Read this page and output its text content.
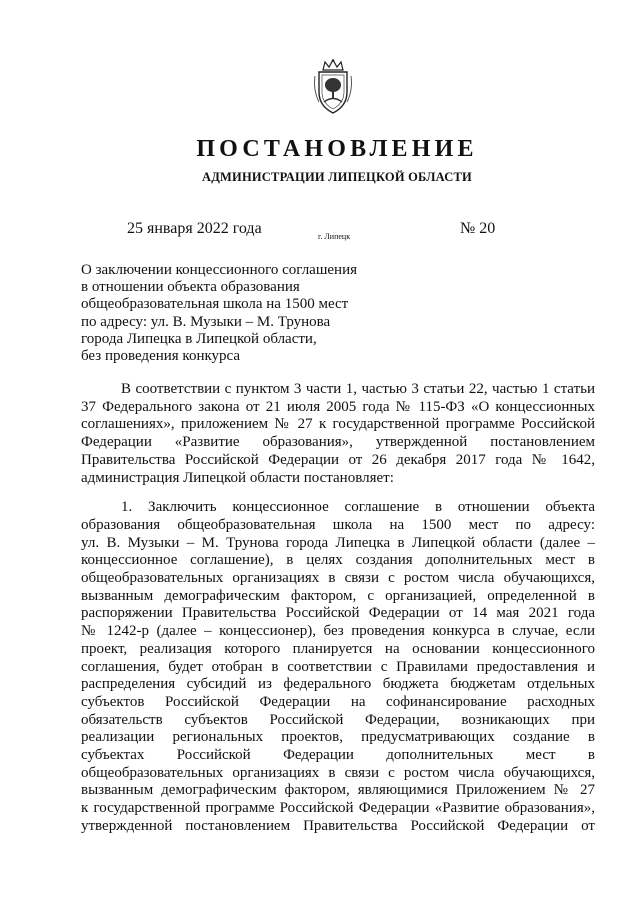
ПОСТАНОВЛЕНИЕ
АДМИНИСТРАЦИИ ЛИПЕЦКОЙ ОБЛАСТИ
25 января 2022 года	г. Липецк	№ 20
О заключении концессионного соглашения
в отношении объекта образования
общеобразовательная школа на 1500 мест
по адресу: ул. В. Музыки – М. Трунова
города Липецка в Липецкой области,
без проведения конкурса
В соответствии с пунктом 3 части 1, частью 3 статьи 22, частью 1 статьи
37 Федерального закона от 21 июля 2005 года № 115-ФЗ «О концессионных
соглашениях», приложением № 27 к государственной программе Российской
Федерации «Развитие образования», утвержденной постановлением
Правительства Российской Федерации от 26 декабря 2017 года № 1642,
администрация Липецкой области постановляет:
1. Заключить концессионное соглашение в отношении объекта
образования общеобразовательная школа на 1500 мест по адресу:
ул. В. Музыки – М. Трунова города Липецка в Липецкой области (далее –
концессионное соглашение), в целях создания дополнительных мест в
общеобразовательных организациях в связи с ростом числа обучающихся,
вызванным демографическим фактором, с организацией, определенной в
распоряжении Правительства Российской Федерации от 14 мая 2021 года
№ 1242-р (далее – концессионер), без проведения конкурса в случае, если
проект, реализация которого планируется на основании концессионного
соглашения, будет отобран в соответствии с Правилами предоставления и
распределения субсидий из федерального бюджета бюджетам отдельных
субъектов Российской Федерации на софинансирование расходных
обязательств субъектов Российской Федерации, возникающих при
реализации региональных проектов, предусматривающих создание в
субъектах Российской Федерации дополнительных мест в
общеобразовательных организациях в связи с ростом числа обучающихся,
вызванным демографическим фактором, являющимися Приложением № 27
к государственной программе Российской Федерации «Развитие образования»,
утвержденной постановлением Правительства Российской Федерации от
